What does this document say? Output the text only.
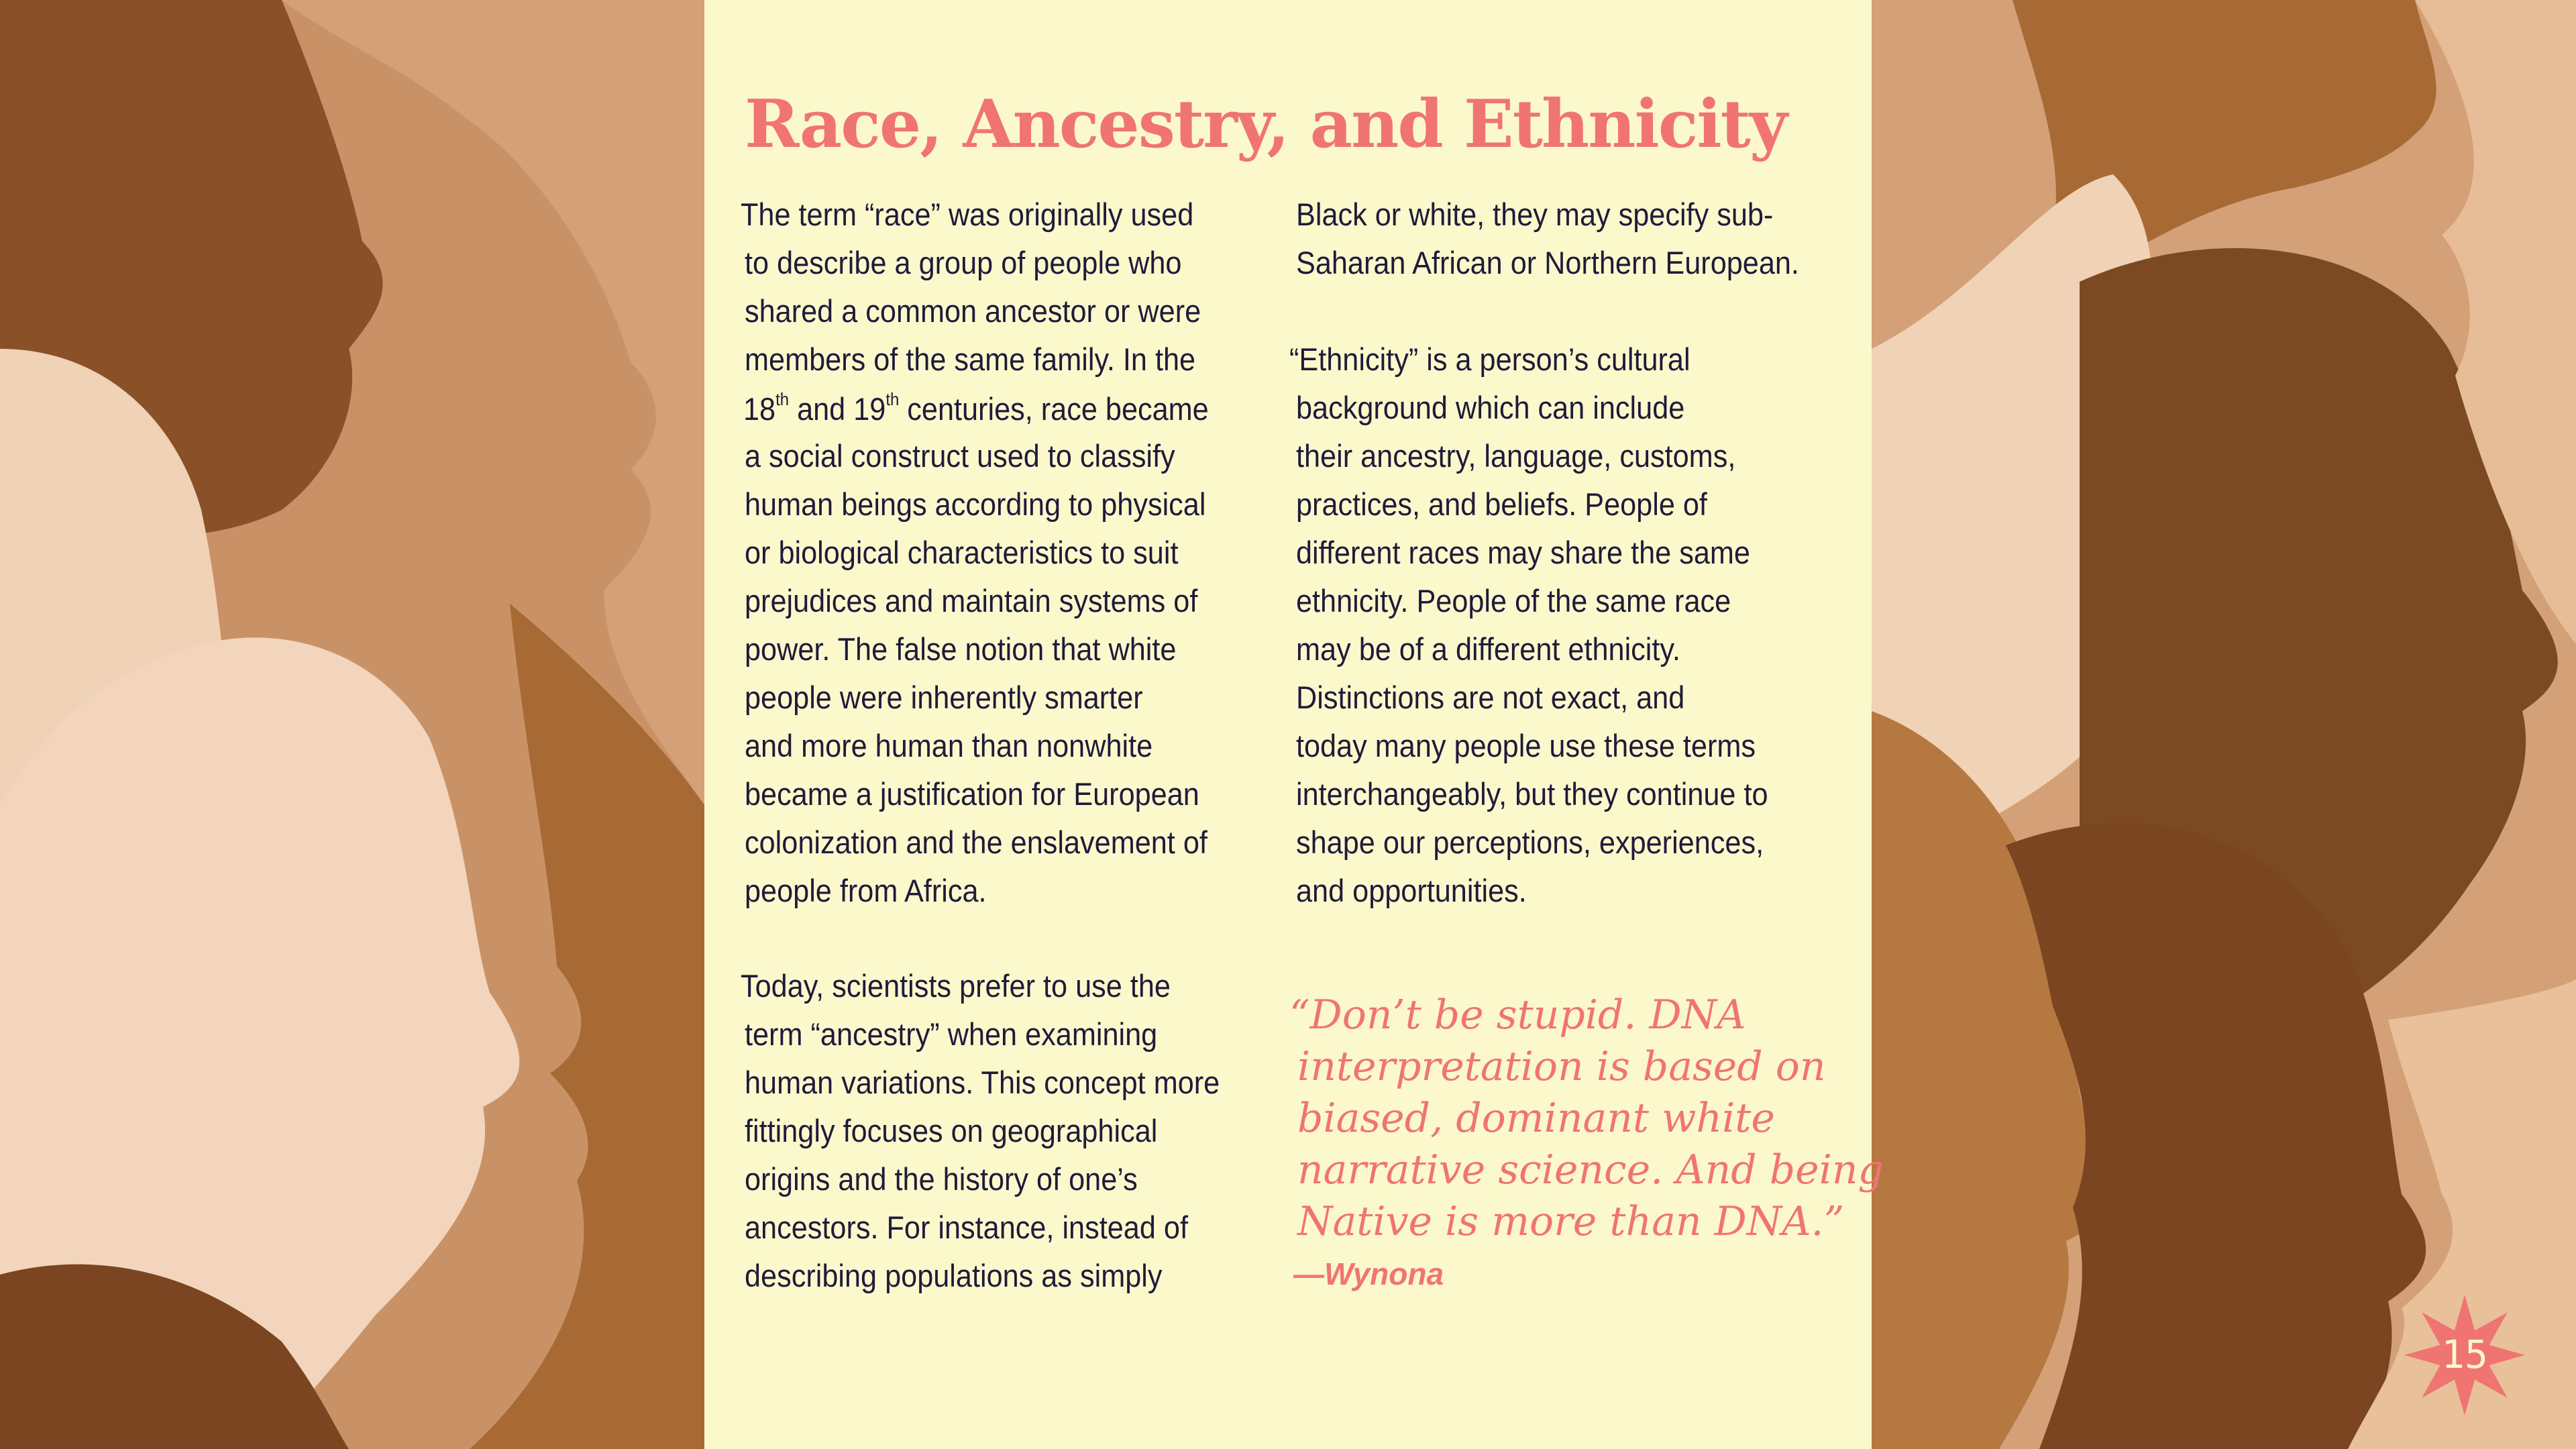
Race, Ancestry, and Ethnicity
—Wynona
15
The term “race” was originally used
to describe a group of people who
shared a common ancestor or were
members of the same family. In the
18th and 19th centuries, race became
a social construct used to classify
human beings according to physical
or biological characteristics to suit
prejudices and maintain systems of
power. The false notion that white
people were inherently smarter
and more human than nonwhite
became a justification for European
colonization and the enslavement of
people from Africa.
Today, scientists prefer to use the
term “ancestry” when examining
human variations. This concept more
fittingly focuses on geographical
origins and the history of one’s
ancestors. For instance, instead of
describing populations as simply
Black or white, they may specify sub-
Saharan African or Northern European.
“Ethnicity” is a person’s cultural
background which can include
their ancestry, language, customs,
practices, and beliefs. People of
different races may share the same
ethnicity. People of the same race
may be of a different ethnicity.
Distinctions are not exact, and
today many people use these terms
interchangeably, but they continue to
shape our perceptions, experiences,
and opportunities.
“Don’t be stupid. DNA
interpretation is based on
biased, dominant white
narrative science. And being
Native is more than DNA.”
